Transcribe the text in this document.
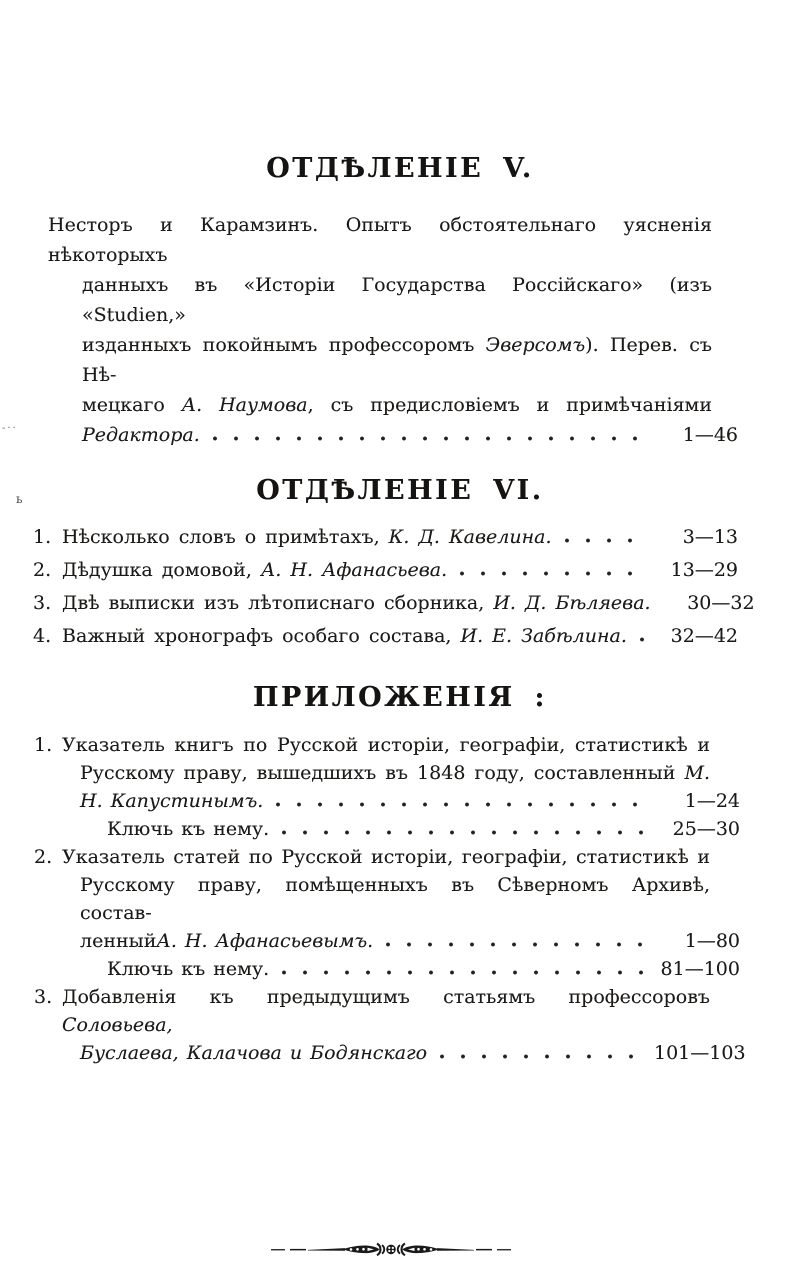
-··
ь
ОТДѢЛЕНІЕ V.
Несторъ и Карамзинъ. Опытъ обстоятельнаго уясненія нѣкоторыхъ
данныхъ въ «Исторіи Государства Россійскаго» (изъ «Studien,»
изданныхъ покойнымъ профессоромъ Эверсомъ). Перев. съ Нѣ-
мецкаго А. Наумова, съ предисловіемъ и примѣчаніями
Редактора.	1—46
ОТДѢЛЕНІЕ VI.
1. Нѣсколько словъ о примѣтахъ, К. Д. Кавелина.	3—13
2. Дѣдушка домовой, А. Н. Афанасьева.	13—29
3. Двѣ выписки изъ лѣтописнаго сборника, И. Д. Бѣляева.	30—32
4. Важный хронографъ особаго состава, И. Е. Забѣлина.	32—42
ПРИЛОЖЕНІЯ :
1. Указатель книгъ по Русской исторіи, географіи, статистикѣ и
Русскому праву, вышедшихъ въ 1848 году, составленный М.
Н. Капустинымъ.	1—24
Ключь къ нему.	25—30
2. Указатель статей по Русской исторіи, географіи, статистикѣ и
Русскому праву, помѣщенныхъ въ Сѣверномъ Архивѣ, состав-
ленный А. Н. Афанасьевымъ.	1—80
Ключь къ нему.	81—100
3. Добавленія къ предыдущимъ статьямъ профессоровъ Соловьева,
Буслаева, Калачова и Бодянскаго	101—103
